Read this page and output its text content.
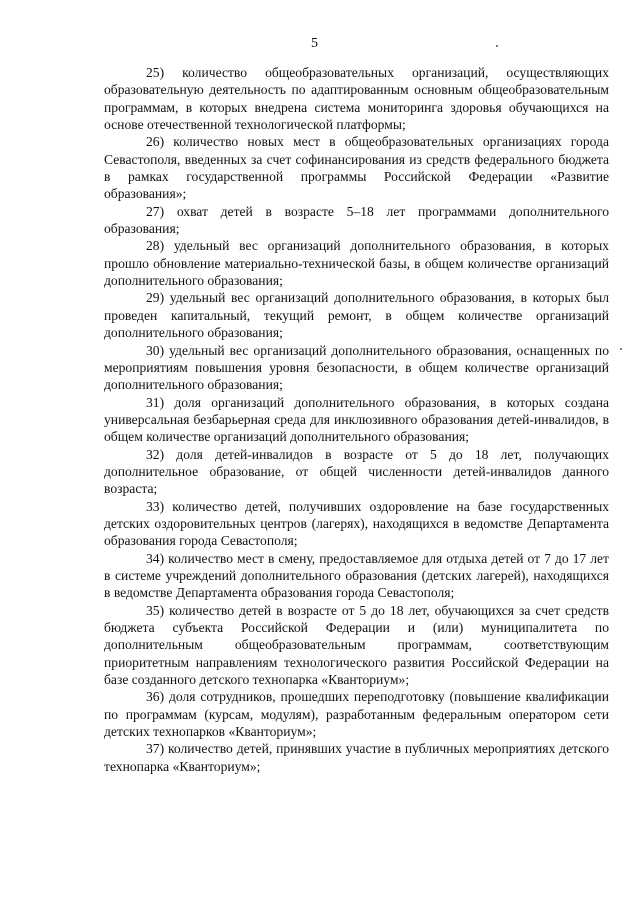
5

25) количество общеобразовательных организаций, осуществляющих образовательную деятельность по адаптированным основным общеобразовательным программам, в которых внедрена система мониторинга здоровья обучающихся на основе отечественной технологической платформы;

26) количество новых мест в общеобразовательных организациях города Севастополя, введенных за счет софинансирования из средств федерального бюджета в рамках государственной программы Российской Федерации «Развитие образования»;

27) охват детей в возрасте 5–18 лет программами дополнительного образования;

28) удельный вес организаций дополнительного образования, в которых прошло обновление материально-технической базы, в общем количестве организаций дополнительного образования;

29) удельный вес организаций дополнительного образования, в которых был проведен капитальный, текущий ремонт, в общем количестве организаций дополнительного образования;

30) удельный вес организаций дополнительного образования, оснащенных по мероприятиям повышения уровня безопасности, в общем количестве организаций дополнительного образования;

31) доля организаций дополнительного образования, в которых создана универсальная безбарьерная среда для инклюзивного образования детей-инвалидов, в общем количестве организаций дополнительного образования;

32) доля детей-инвалидов в возрасте от 5 до 18 лет, получающих дополнительное образование, от общей численности детей-инвалидов данного возраста;

33) количество детей, получивших оздоровление на базе государственных детских оздоровительных центров (лагерях), находящихся в ведомстве Департамента образования города Севастополя;

34) количество мест в смену, предоставляемое для отдыха детей от 7 до 17 лет в системе учреждений дополнительного образования (детских лагерей), находящихся в ведомстве Департамента образования города Севастополя;

35) количество детей в возрасте от 5 до 18 лет, обучающихся за счет средств бюджета субъекта Российской Федерации и (или) муниципалитета по дополнительным общеобразовательным программам, соответствующим приоритетным направлениям технологического развития Российской Федерации на базе созданного детского технопарка «Кванториум»;

36) доля сотрудников, прошедших переподготовку (повышение квалификации по программам (курсам, модулям), разработанным федеральным оператором сети детских технопарков «Кванториум»;

37) количество детей, принявших участие в публичных мероприятиях детского технопарка «Кванториум»;
